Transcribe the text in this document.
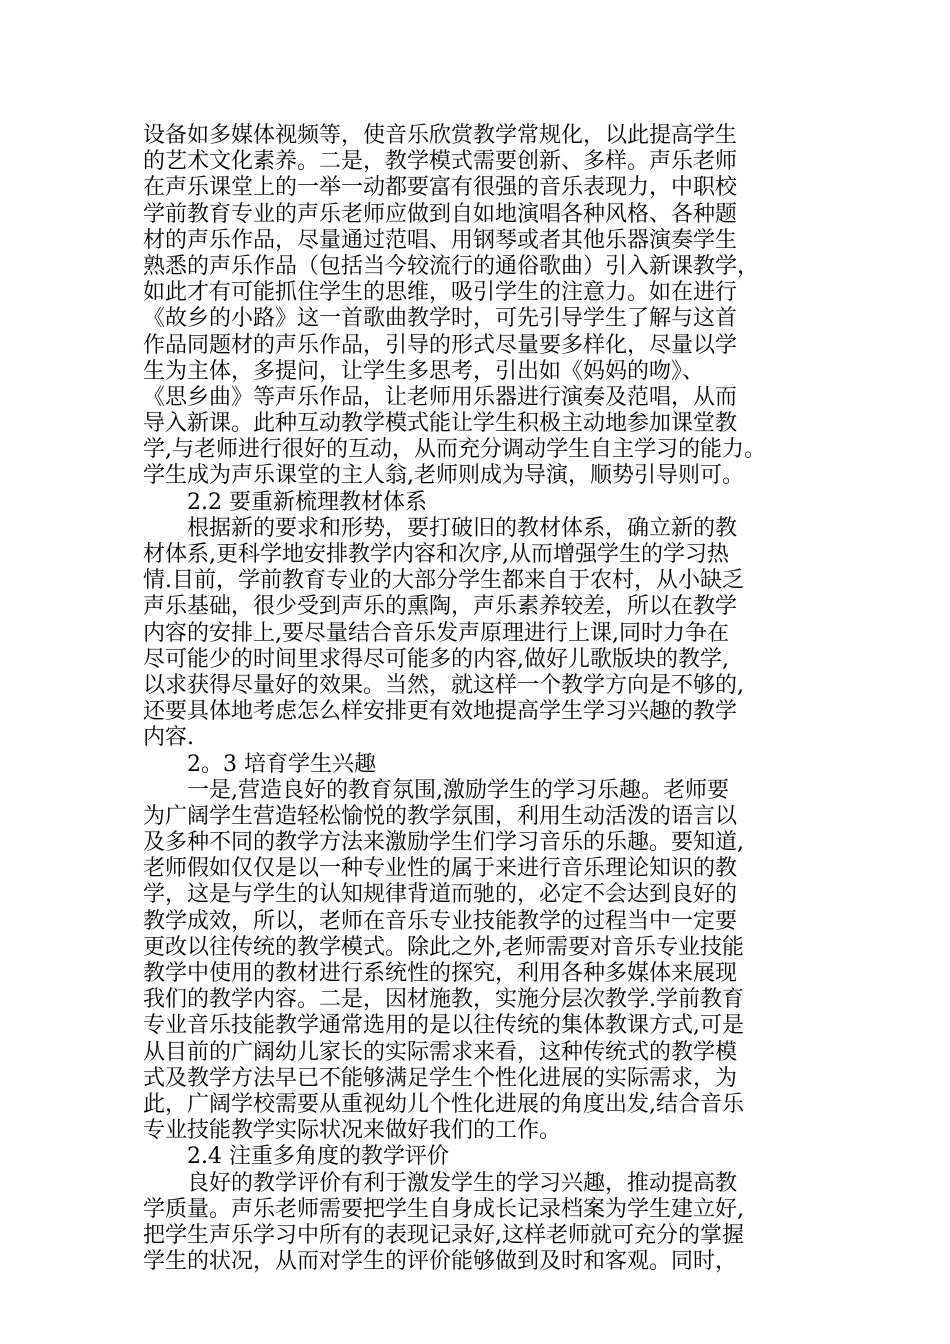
设备如多媒体视频等，使音乐欣赏教学常规化，以此提高学生
的艺术文化素养。二是，教学模式需要创新、多样。声乐老师
在声乐课堂上的一举一动都要富有很强的音乐表现力，中职校
学前教育专业的声乐老师应做到自如地演唱各种风格、各种题
材的声乐作品，尽量通过范唱、用钢琴或者其他乐器演奏学生
熟悉的声乐作品（包括当今较流行的通俗歌曲）引入新课教学，
如此才有可能抓住学生的思维，吸引学生的注意力。如在进行
《故乡的小路》这一首歌曲教学时，可先引导学生了解与这首
作品同题材的声乐作品，引导的形式尽量要多样化，尽量以学
生为主体，多提问，让学生多思考，引出如《妈妈的吻》、
《思乡曲》等声乐作品，让老师用乐器进行演奏及范唱，从而
导入新课。此种互动教学模式能让学生积极主动地参加课堂教
学,与老师进行很好的互动，从而充分调动学生自主学习的能力。
学生成为声乐课堂的主人翁,老师则成为导演，顺势引导则可。
2.2 要重新梳理教材体系
根据新的要求和形势，要打破旧的教材体系，确立新的教
材体系,更科学地安排教学内容和次序,从而增强学生的学习热
情.目前，学前教育专业的大部分学生都来自于农村，从小缺乏
声乐基础，很少受到声乐的熏陶，声乐素养较差，所以在教学
内容的安排上,要尽量结合音乐发声原理进行上课,同时力争在
尽可能少的时间里求得尽可能多的内容,做好儿歌版块的教学,
以求获得尽量好的效果。当然，就这样一个教学方向是不够的,
还要具体地考虑怎么样安排更有效地提高学生学习兴趣的教学
内容.
2。3 培育学生兴趣
一是,营造良好的教育氛围,激励学生的学习乐趣。老师要
为广阔学生营造轻松愉悦的教学氛围，利用生动活泼的语言以
及多种不同的教学方法来激励学生们学习音乐的乐趣。要知道,
老师假如仅仅是以一种专业性的属于来进行音乐理论知识的教
学，这是与学生的认知规律背道而驰的，必定不会达到良好的
教学成效，所以，老师在音乐专业技能教学的过程当中一定要
更改以往传统的教学模式。除此之外,老师需要对音乐专业技能
教学中使用的教材进行系统性的探究，利用各种多媒体来展现
我们的教学内容。二是，因材施教，实施分层次教学.学前教育
专业音乐技能教学通常选用的是以往传统的集体教课方式,可是
从目前的广阔幼儿家长的实际需求来看，这种传统式的教学模
式及教学方法早已不能够满足学生个性化进展的实际需求，为
此，广阔学校需要从重视幼儿个性化进展的角度出发,结合音乐
专业技能教学实际状况来做好我们的工作。
2.4 注重多角度的教学评价
良好的教学评价有利于激发学生的学习兴趣，推动提高教
学质量。声乐老师需要把学生自身成长记录档案为学生建立好,
把学生声乐学习中所有的表现记录好,这样老师就可充分的掌握
学生的状况，从而对学生的评价能够做到及时和客观。同时，
